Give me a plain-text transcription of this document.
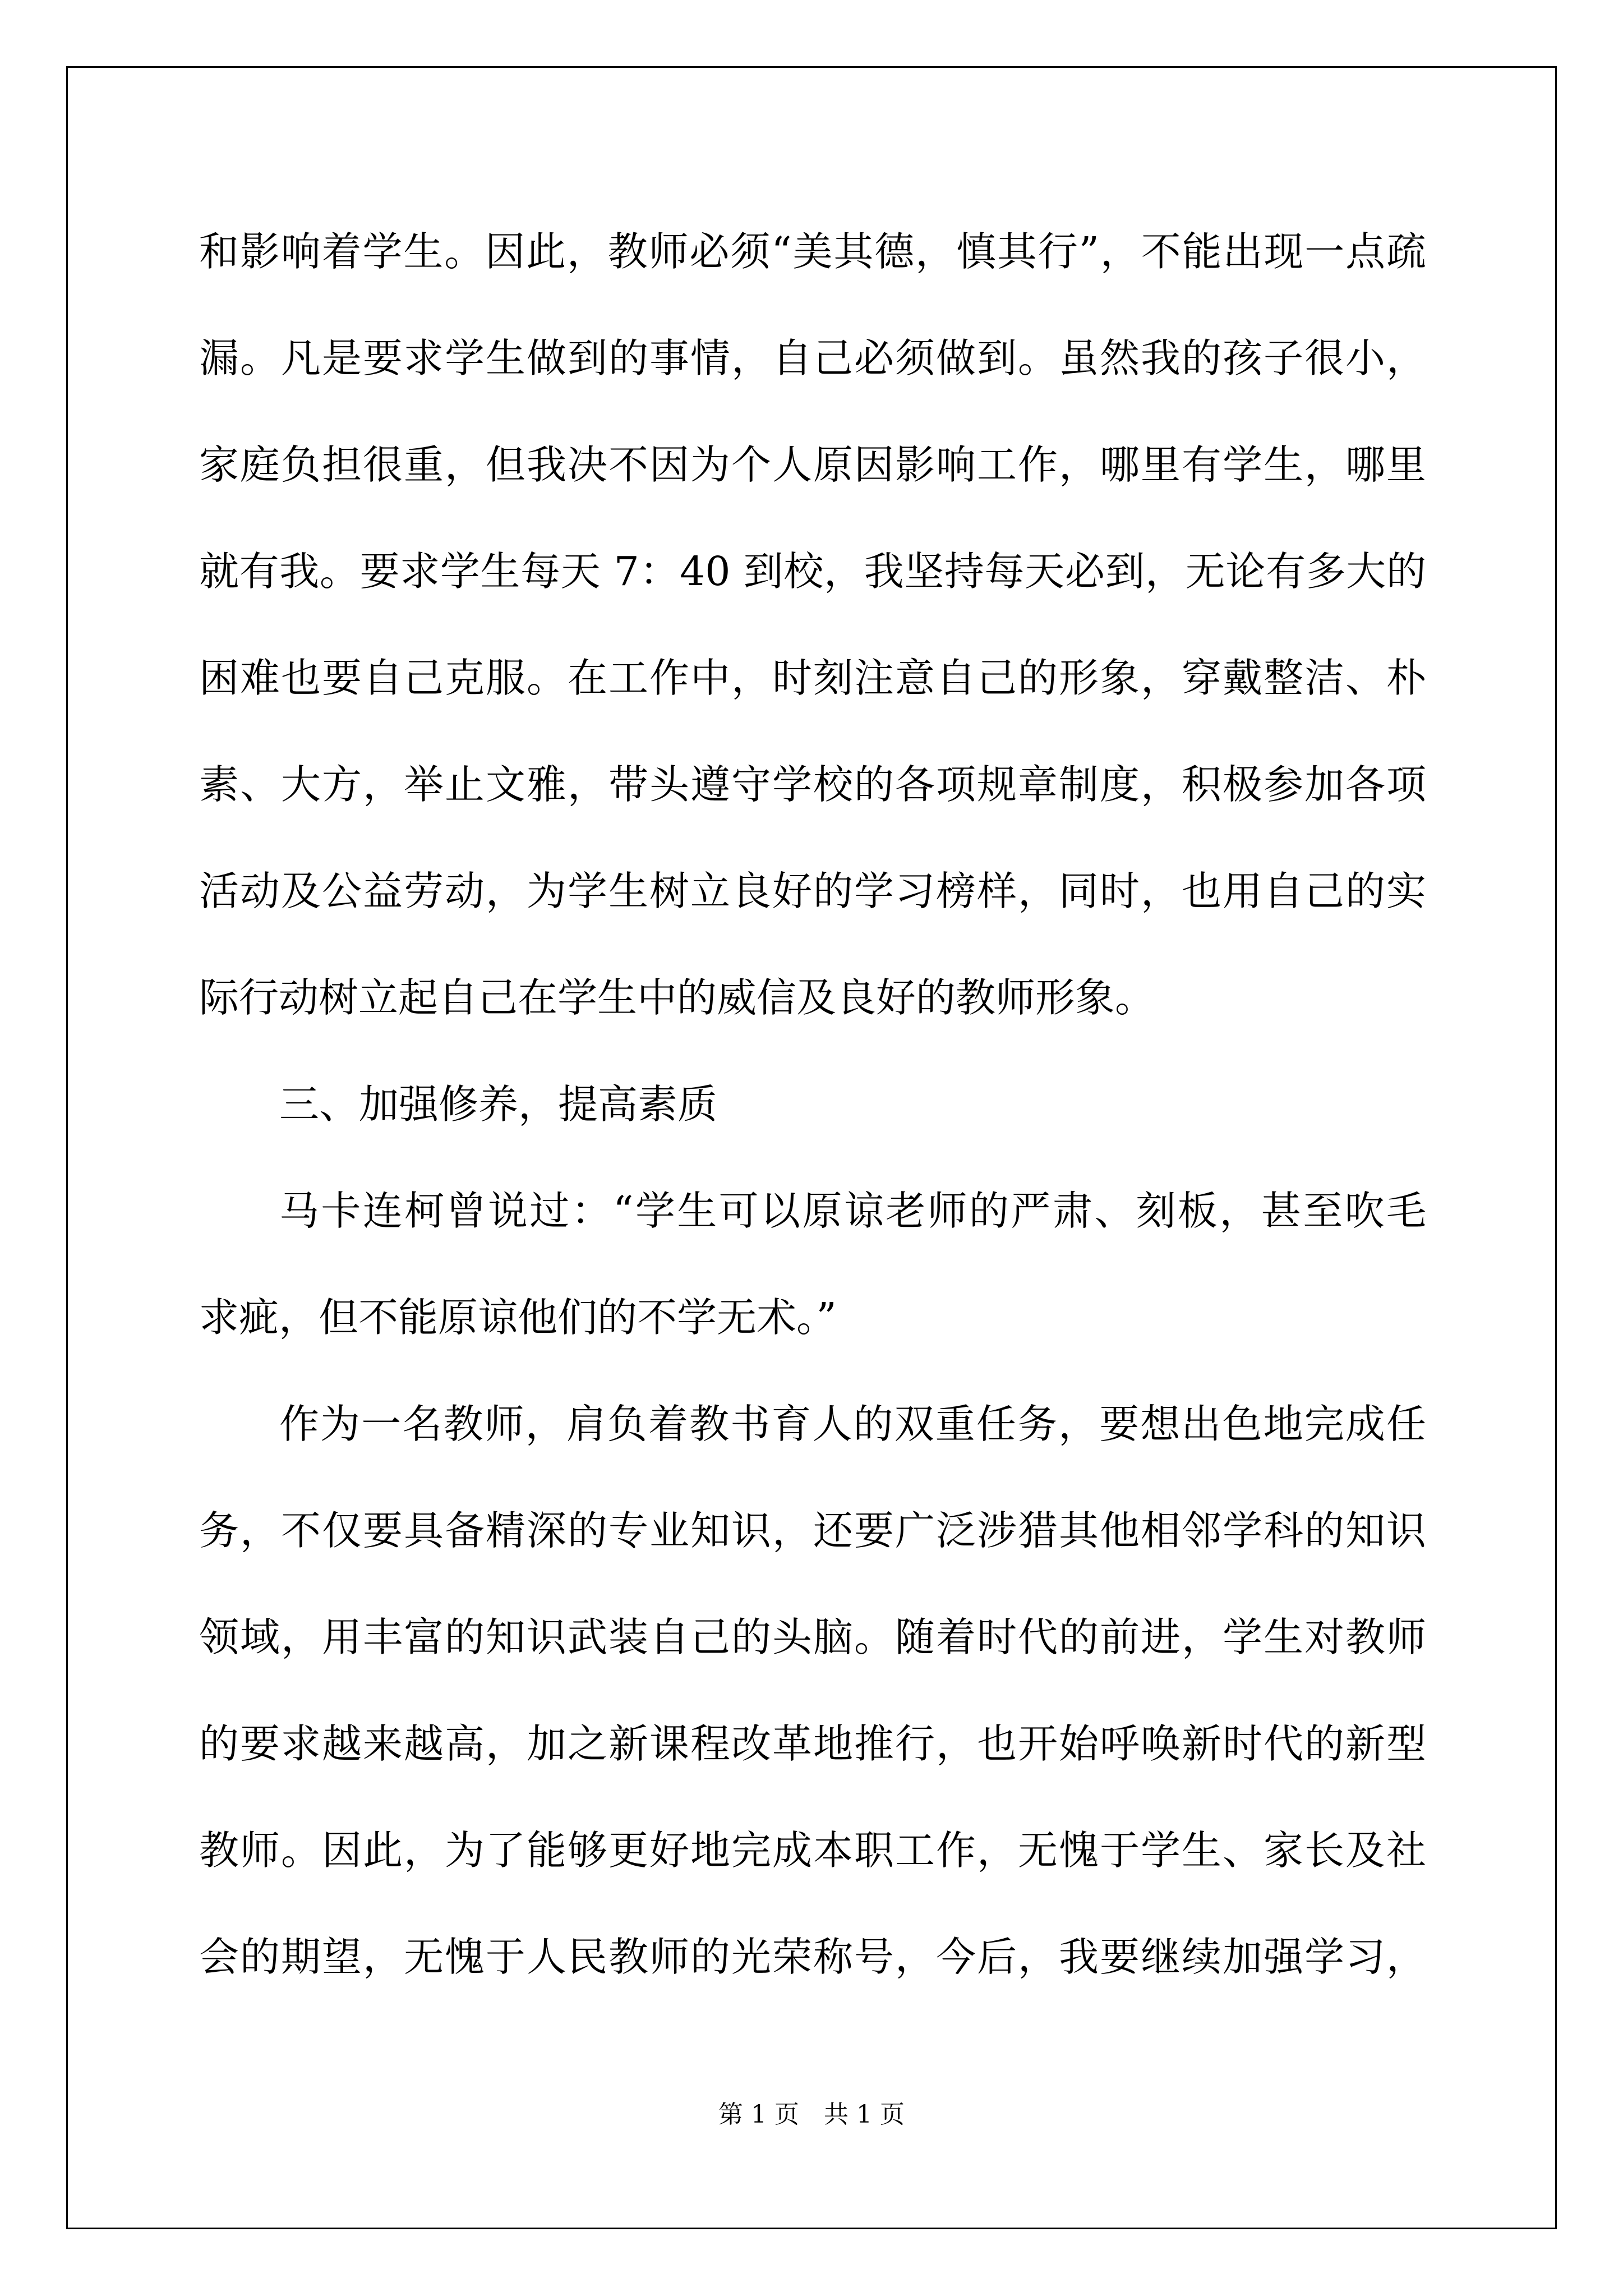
和影响着学生。因此，教师必须“美其德，慎其行”，不能出现一点疏

漏。凡是要求学生做到的事情，自己必须做到。虽然我的孩子很小，

家庭负担很重，但我决不因为个人原因影响工作，哪里有学生，哪里

就有我。要求学生每天 7：40 到校，我坚持每天必到，无论有多大的

困难也要自己克服。在工作中，时刻注意自己的形象，穿戴整洁、朴

素、大方，举止文雅，带头遵守学校的各项规章制度，积极参加各项

活动及公益劳动，为学生树立良好的学习榜样，同时，也用自己的实

际行动树立起自己在学生中的威信及良好的教师形象。

三、加强修养，提高素质

马卡连柯曾说过：“学生可以原谅老师的严肃、刻板，甚至吹毛

求疵，但不能原谅他们的不学无术。”

作为一名教师，肩负着教书育人的双重任务，要想出色地完成任

务，不仅要具备精深的专业知识，还要广泛涉猎其他相邻学科的知识

领域，用丰富的知识武装自己的头脑。随着时代的前进，学生对教师

的要求越来越高，加之新课程改革地推行，也开始呼唤新时代的新型

教师。因此，为了能够更好地完成本职工作，无愧于学生、家长及社

会的期望，无愧于人民教师的光荣称号，今后，我要继续加强学习，

第 1 页　共 1 页
